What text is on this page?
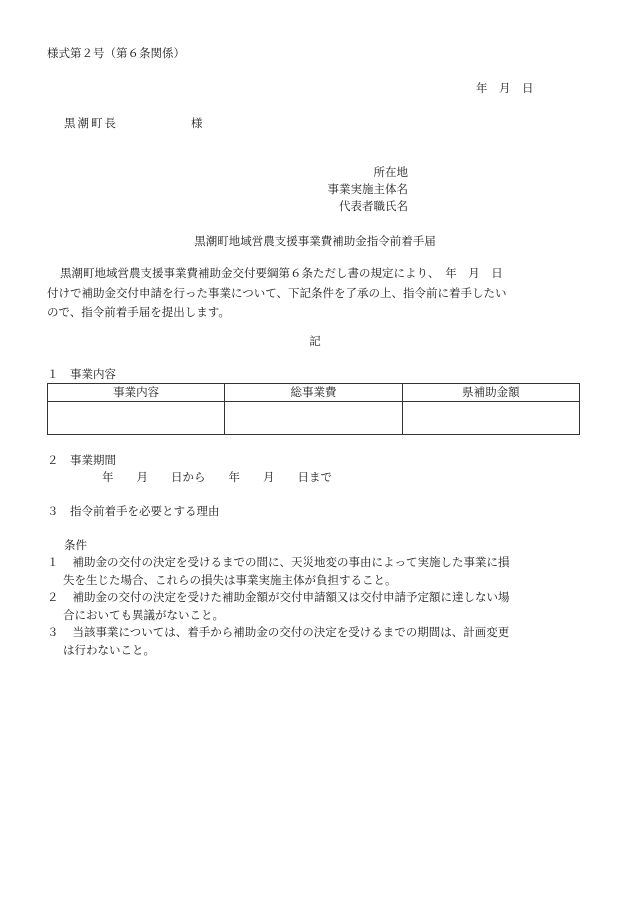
様式第２号（第６条関係）
年　月　日
黒潮町長	様
所在地
事業実施主体名
代表者職氏名
黒潮町地域営農支援事業費補助金指令前着手届
黒潮町地域営農支援事業費補助金交付要綱第６条ただし書の規定により、　年　月　日
付けで補助金交付申請を行った事業について、下記条件を了承の上、指令前に着手したい
ので、指令前着手届を提出します。
記
１　事業内容
事業内容	総事業費	県補助金額

２　事業期間
年　　月　　日から　　年　　月　　日まで
３　指令前着手を必要とする理由
条件
１ 補助金の交付の決定を受けるまでの間に、天災地変の事由によって実施した事業に損
失を生じた場合、これらの損失は事業実施主体が負担すること。
２ 補助金の交付の決定を受けた補助金額が交付申請額又は交付申請予定額に達しない場
合においても異議がないこと。
３ 当該事業については、着手から補助金の交付の決定を受けるまでの期間は、計画変更
は行わないこと。
